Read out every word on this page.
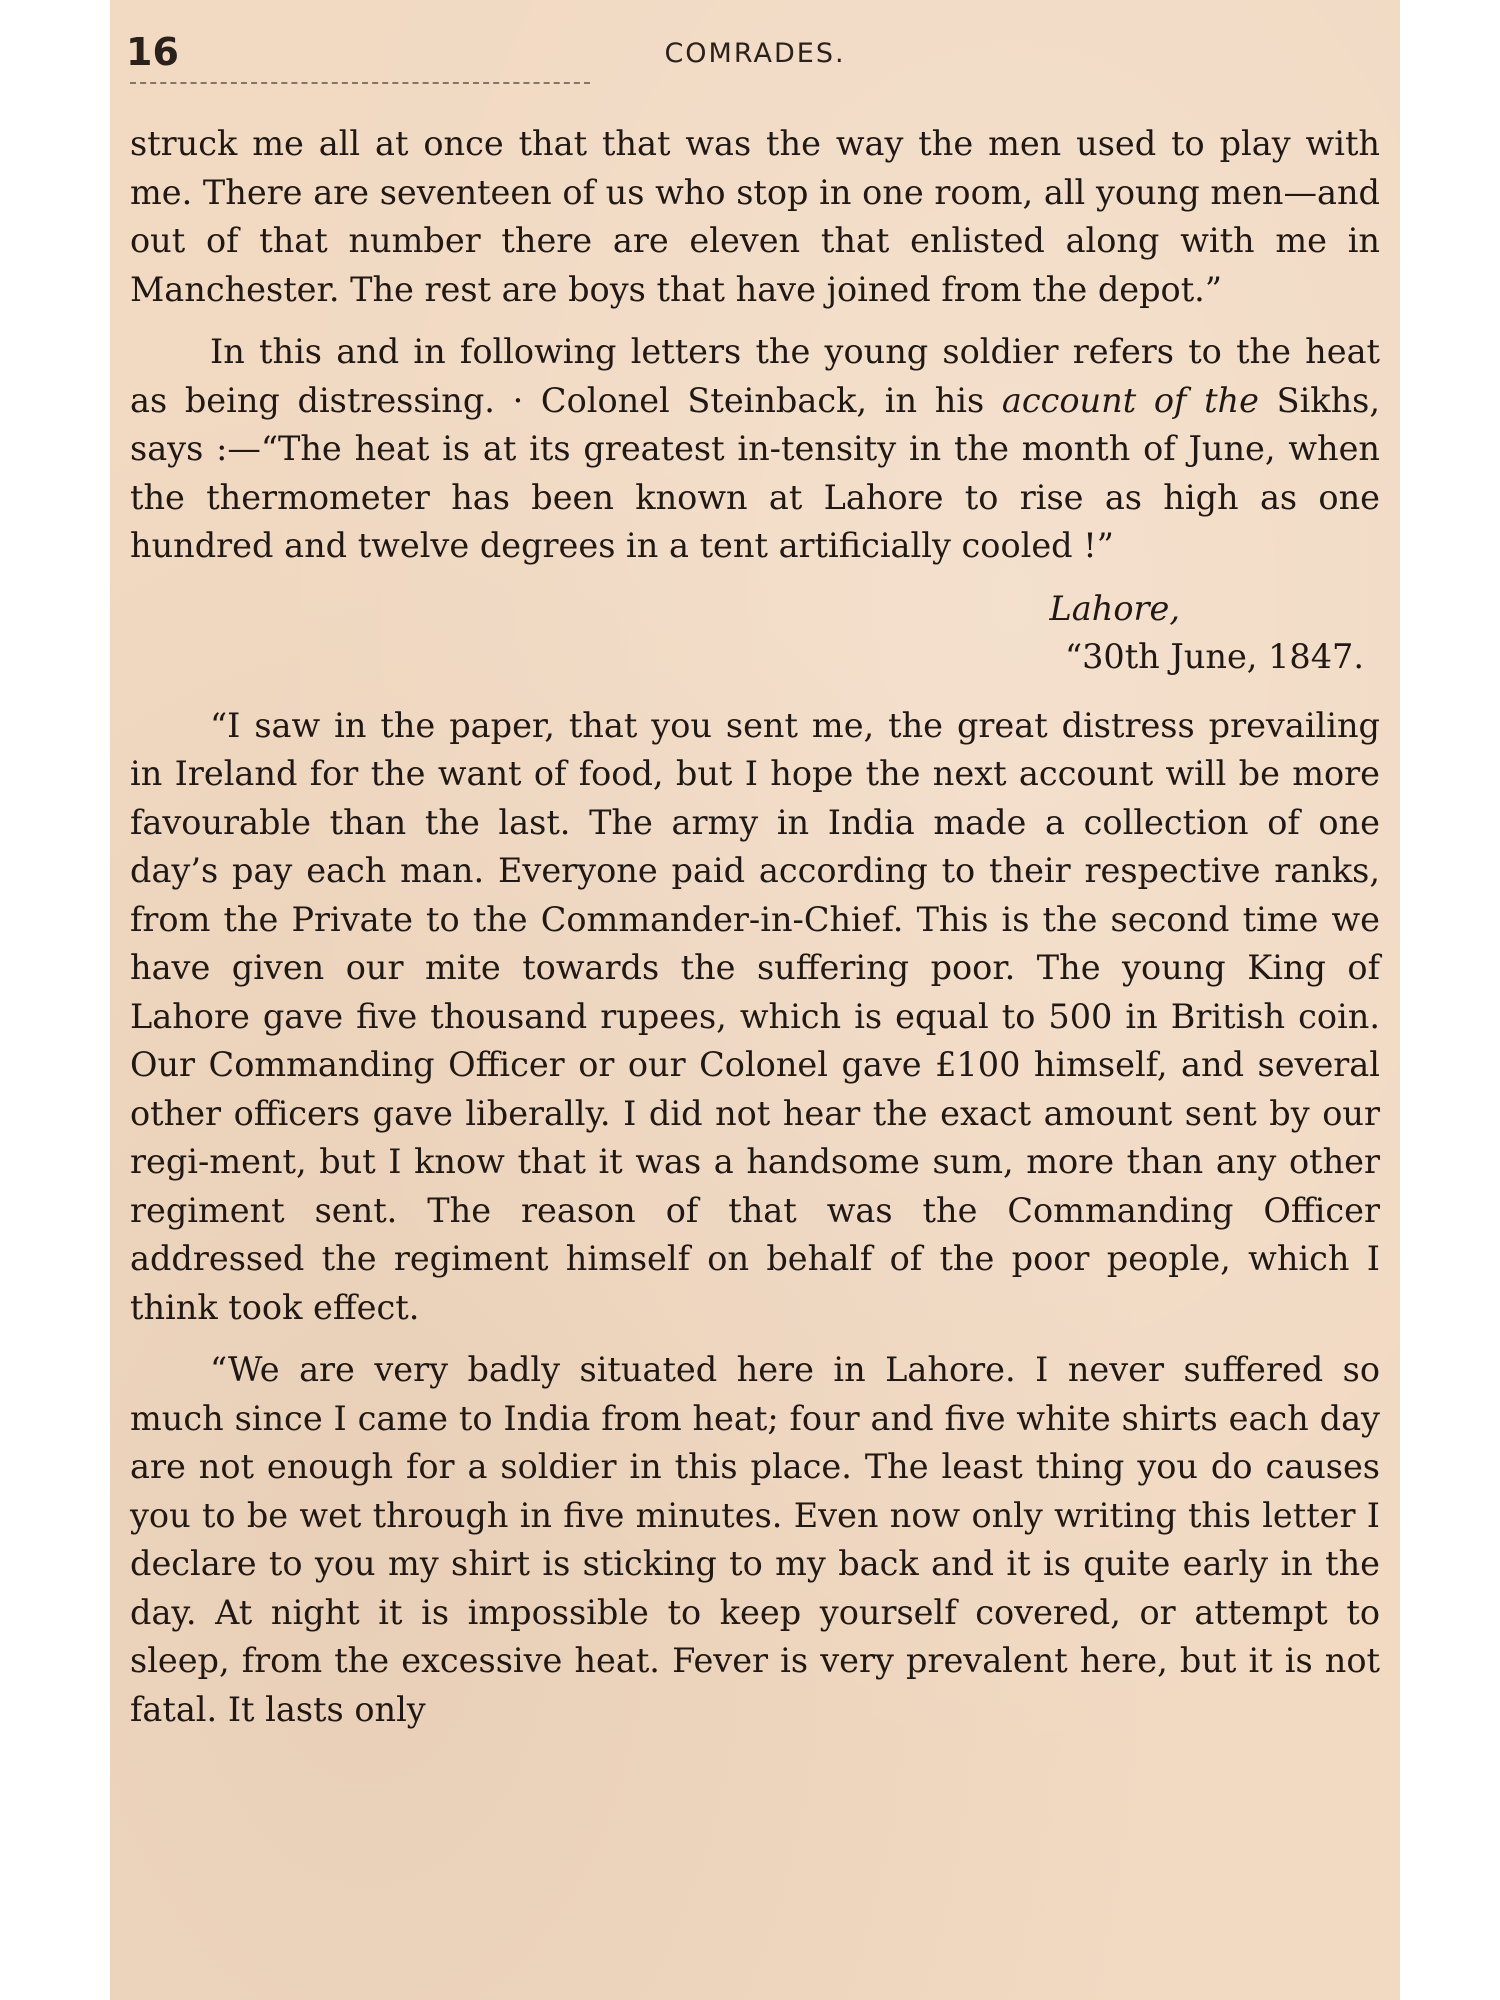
16	COMRADES.

struck me all at once that that was the way the men used to play with me. There are seventeen of us who stop in one room, all young men—and out of that number there are eleven that enlisted along with me in Manchester. The rest are boys that have joined from the depot.”

In this and in following letters the young soldier refers to the heat as being distressing. · Colonel Steinback, in his account of the Sikhs, says :—“The heat is at its greatest in-tensity in the month of June, when the thermometer has been known at Lahore to rise as high as one hundred and twelve degrees in a tent artificially cooled !”

Lahore,

“30th June, 1847.

“I saw in the paper, that you sent me, the great distress prevailing in Ireland for the want of food, but I hope the next account will be more favourable than the last. The army in India made a collection of one day’s pay each man. Everyone paid according to their respective ranks, from the Private to the Commander-in-Chief. This is the second time we have given our mite towards the suffering poor. The young King of Lahore gave five thousand rupees, which is equal to 500 in British coin. Our Commanding Officer or our Colonel gave £100 himself, and several other officers gave liberally. I did not hear the exact amount sent by our regi-ment, but I know that it was a handsome sum, more than any other regiment sent. The reason of that was the Commanding Officer addressed the regiment himself on behalf of the poor people, which I think took effect.

“We are very badly situated here in Lahore. I never suffered so much since I came to India from heat; four and five white shirts each day are not enough for a soldier in this place. The least thing you do causes you to be wet through in five minutes. Even now only writing this letter I declare to you my shirt is sticking to my back and it is quite early in the day. At night it is impossible to keep yourself covered, or attempt to sleep, from the excessive heat. Fever is very prevalent here, but it is not fatal. It lasts only
